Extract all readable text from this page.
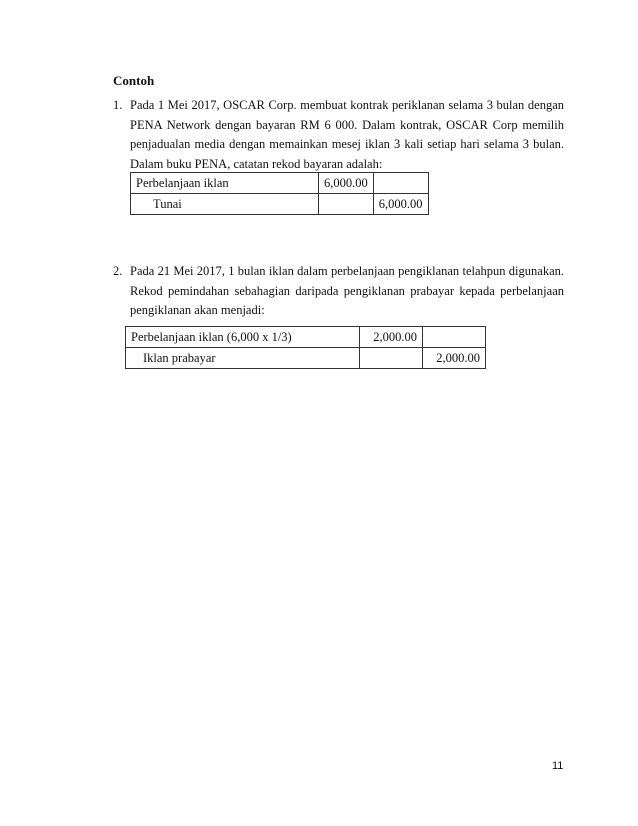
Contoh
1. Pada 1 Mei 2017, OSCAR Corp. membuat kontrak periklanan selama 3 bulan dengan
PENA Network dengan bayaran RM 6 000. Dalam kontrak, OSCAR Corp memilih
penjadualan media dengan memainkan mesej iklan 3 kali setiap hari selama 3 bulan.
Dalam buku PENA, catatan rekod bayaran adalah:
Perbelanjaan iklan	6,000.00	
Tunai		6,000.00
2. Pada 21 Mei 2017, 1 bulan iklan dalam perbelanjaan pengiklanan telahpun digunakan.
Rekod pemindahan sebahagian daripada pengiklanan prabayar kepada perbelanjaan
pengiklanan akan menjadi:
Perbelanjaan iklan (6,000 x 1/3)	2,000.00	
Iklan prabayar		2,000.00
11
